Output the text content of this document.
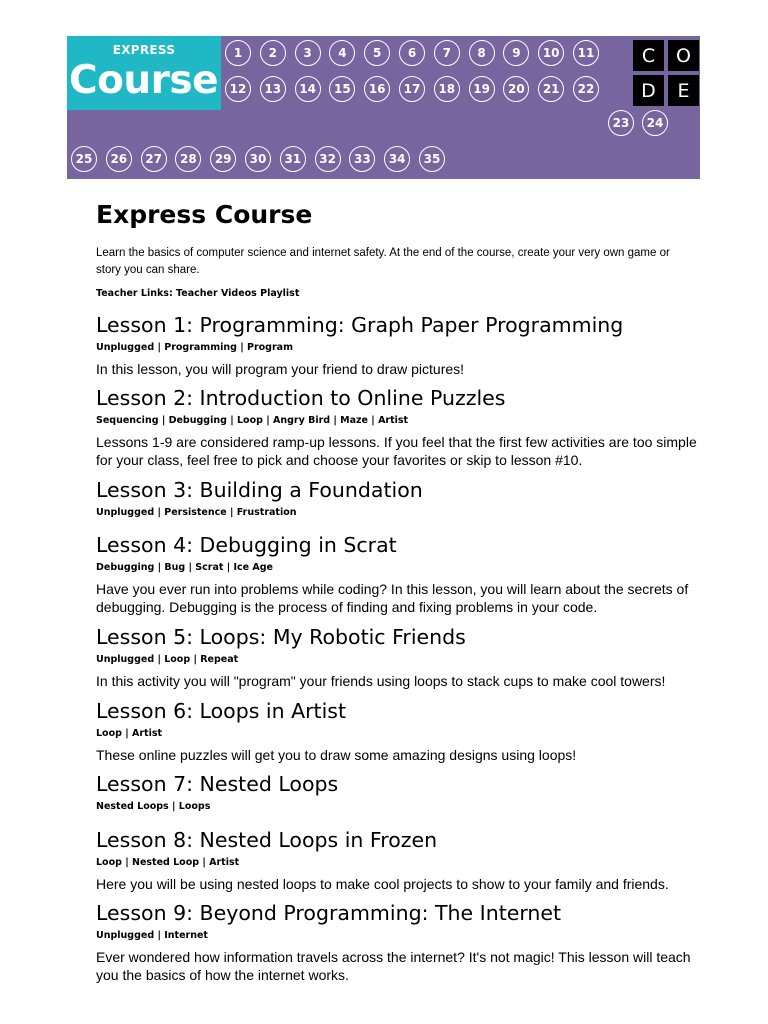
EXPRESS
Course
1	2	3	4	5	6	7	8	9	10	11
12	13	14	15	16	17	18	19	20	21	22
23	24
25	26	27	28	29	30	31	32	33	34	35
C	O
D	E
Express Course

Learn the basics of computer science and internet safety. At the end of the course, create your very own game or story you can share.

Teacher Links: Teacher Videos Playlist

Lesson 1: Programming: Graph Paper Programming

Unplugged | Programming | Program

In this lesson, you will program your friend to draw pictures!

Lesson 2: Introduction to Online Puzzles

Sequencing | Debugging | Loop | Angry Bird | Maze | Artist

Lessons 1-9 are considered ramp-up lessons. If you feel that the first few activities are too simple for your class, feel free to pick and choose your favorites or skip to lesson #10.

Lesson 3: Building a Foundation

Unplugged | Persistence | Frustration

Lesson 4: Debugging in Scrat

Debugging | Bug | Scrat | Ice Age

Have you ever run into problems while coding? In this lesson, you will learn about the secrets of debugging. Debugging is the process of finding and fixing problems in your code.

Lesson 5: Loops: My Robotic Friends

Unplugged | Loop | Repeat

In this activity you will "program" your friends using loops to stack cups to make cool towers!

Lesson 6: Loops in Artist

Loop | Artist

These online puzzles will get you to draw some amazing designs using loops!

Lesson 7: Nested Loops

Nested Loops | Loops

Lesson 8: Nested Loops in Frozen

Loop | Nested Loop | Artist

Here you will be using nested loops to make cool projects to show to your family and friends.

Lesson 9: Beyond Programming: The Internet

Unplugged | Internet

Ever wondered how information travels across the internet? It's not magic! This lesson will teach you the basics of how the internet works.
